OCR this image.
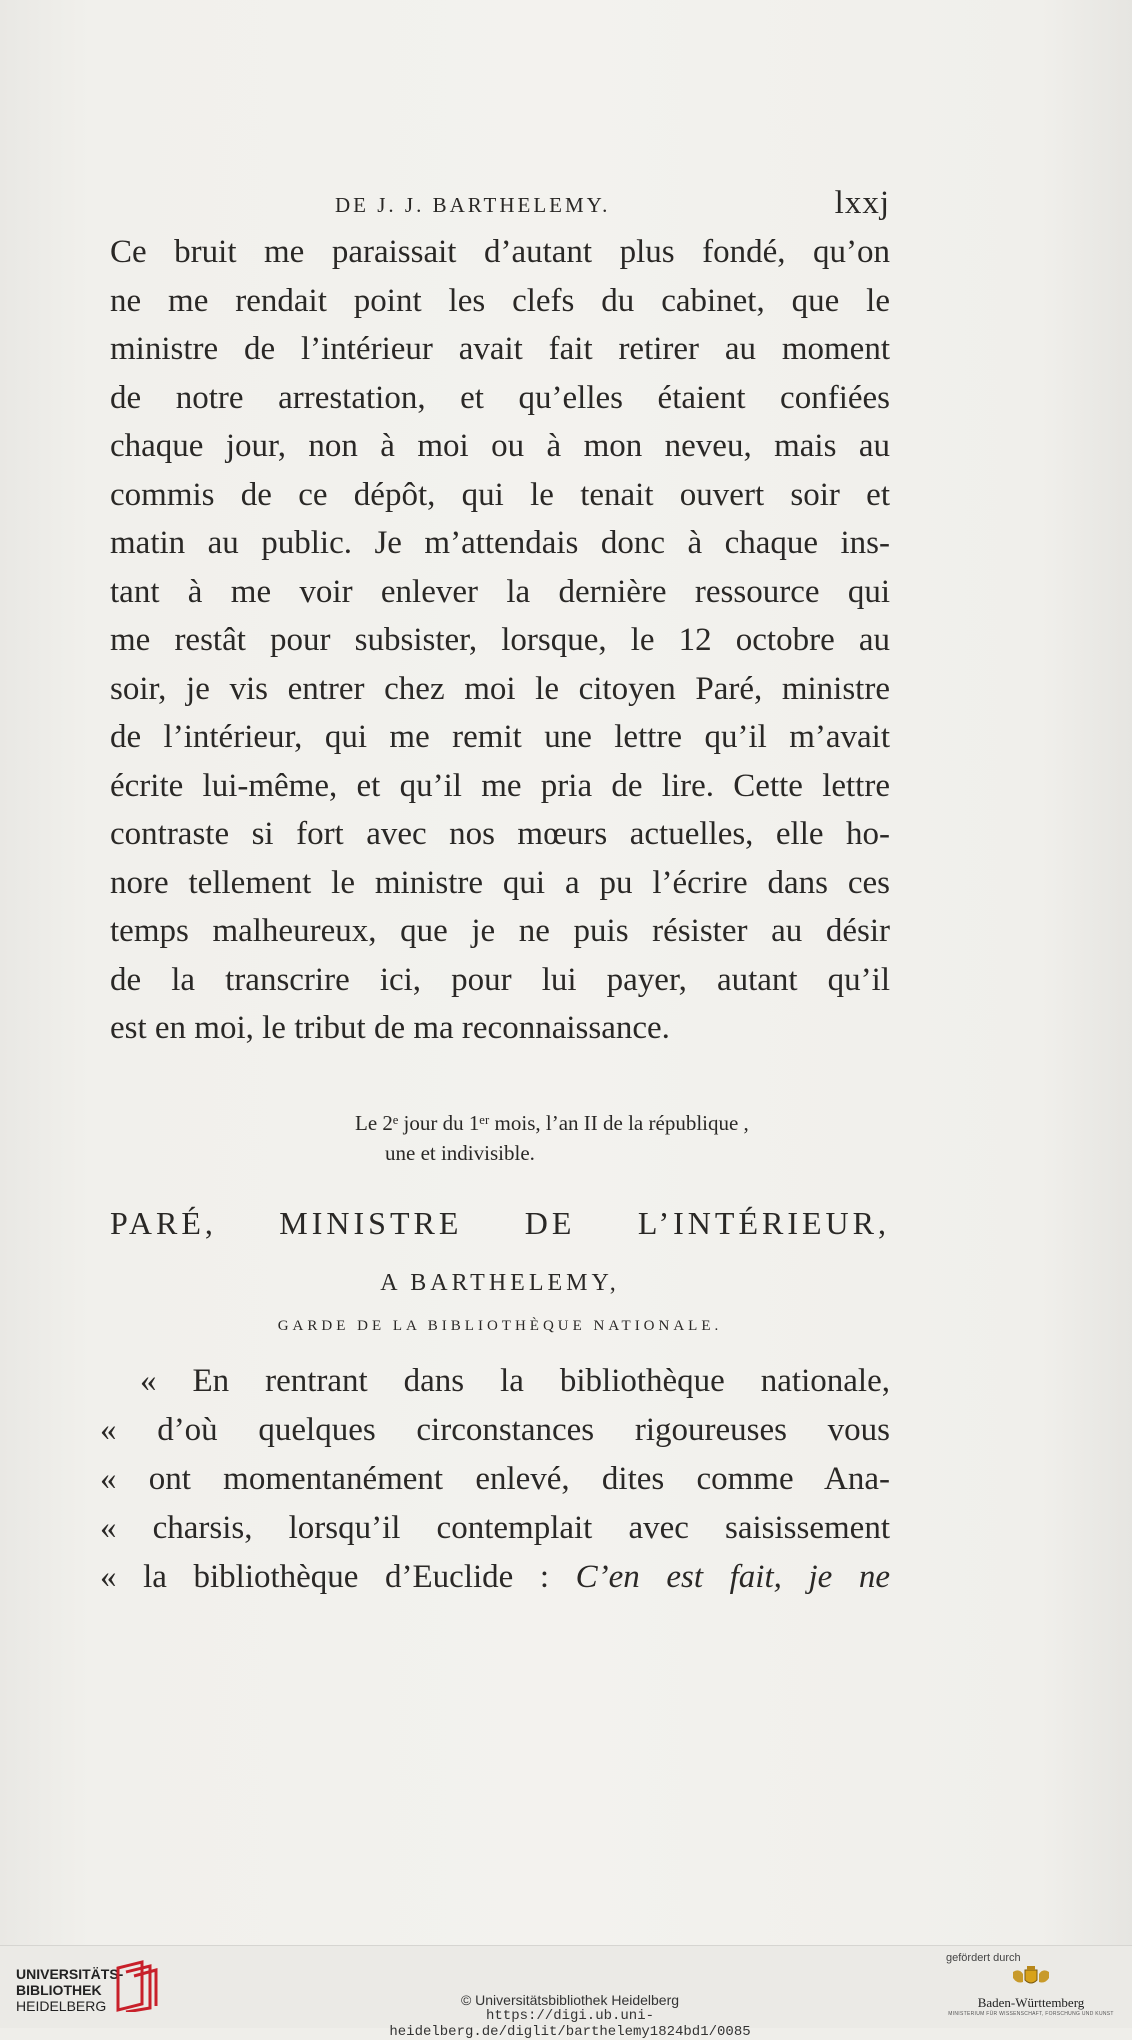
DE J. J. BARTHELEMY.	lxxj
Ce bruit me paraissait d’autant plus fondé, qu’on
ne me rendait point les clefs du cabinet, que le
ministre de l’intérieur avait fait retirer au moment
de notre arrestation, et qu’elles étaient confiées
chaque jour, non à moi ou à mon neveu, mais au
commis de ce dépôt, qui le tenait ouvert soir et
matin au public. Je m’attendais donc à chaque ins-
tant à me voir enlever la dernière ressource qui
me restât pour subsister, lorsque, le 12 octobre au
soir, je vis entrer chez moi le citoyen Paré, ministre
de l’intérieur, qui me remit une lettre qu’il m’avait
écrite lui-même, et qu’il me pria de lire. Cette lettre
contraste si fort avec nos mœurs actuelles, elle ho-
nore tellement le ministre qui a pu l’écrire dans ces
temps malheureux, que je ne puis résister au désir
de la transcrire ici, pour lui payer, autant qu’il
est en moi, le tribut de ma reconnaissance.
Le 2ᵉ jour du 1ᵉʳ mois, l’an II de la république ,
une et indivisible.
PARÉ, MINISTRE DE L’INTÉRIEUR,
A BARTHELEMY,
GARDE DE LA BIBLIOTHÈQUE NATIONALE.
« En rentrant dans la bibliothèque nationale,
« d’où quelques circonstances rigoureuses vous
« ont momentanément enlevé, dites comme Ana-
« charsis, lorsqu’il contemplait avec saisissement
« la bibliothèque d’Euclide : C’en est fait, je ne
UNIVERSITÄTS-
BIBLIOTHEK
HEIDELBERG	© Universitätsbibliothek Heidelberg
https://digi.ub.uni-heidelberg.de/diglit/barthelemy1824bd1/0085
gefördert durch
Baden-Württemberg
MINISTERIUM FÜR WISSENSCHAFT, FORSCHUNG UND KUNST
